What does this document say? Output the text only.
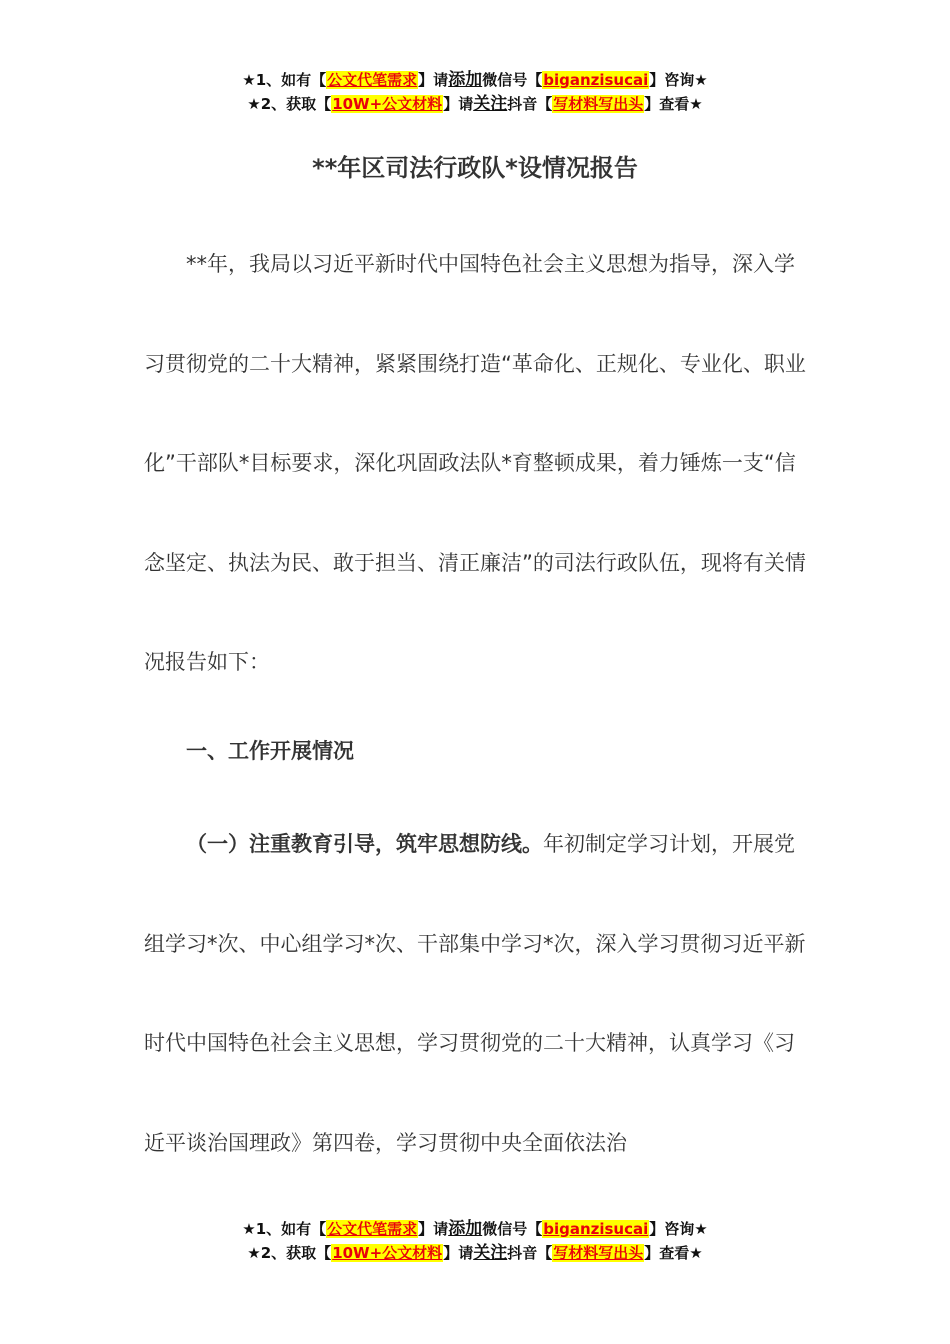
★1、如有【公文代笔需求】请添加微信号【biganzisucai】咨询★
★2、获取【10W+公文材料】请关注抖音【写材料写出头】查看★
**年区司法行政队*设情况报告

**年，我局以习近平新时代中国特色社会主义思想为指导，深入学习贯彻党的二十大精神，紧紧围绕打造“革命化、正规化、专业化、职业化”干部队*目标要求，深化巩固政法队*育整顿成果，着力锤炼一支“信念坚定、执法为民、敢于担当、清正廉洁”的司法行政队伍，现将有关情况报告如下：

一、工作开展情况

（一）注重教育引导，筑牢思想防线。年初制定学习计划，开展党组学习*次、中心组学习*次、干部集中学习*次，深入学习贯彻习近平新时代中国特色社会主义思想，学习贯彻党的二十大精神，认真学习《习近平谈治国理政》第四卷，学习贯彻中央全面依法治

★1、如有【公文代笔需求】请添加微信号【biganzisucai】咨询★
★2、获取【10W+公文材料】请关注抖音【写材料写出头】查看★
